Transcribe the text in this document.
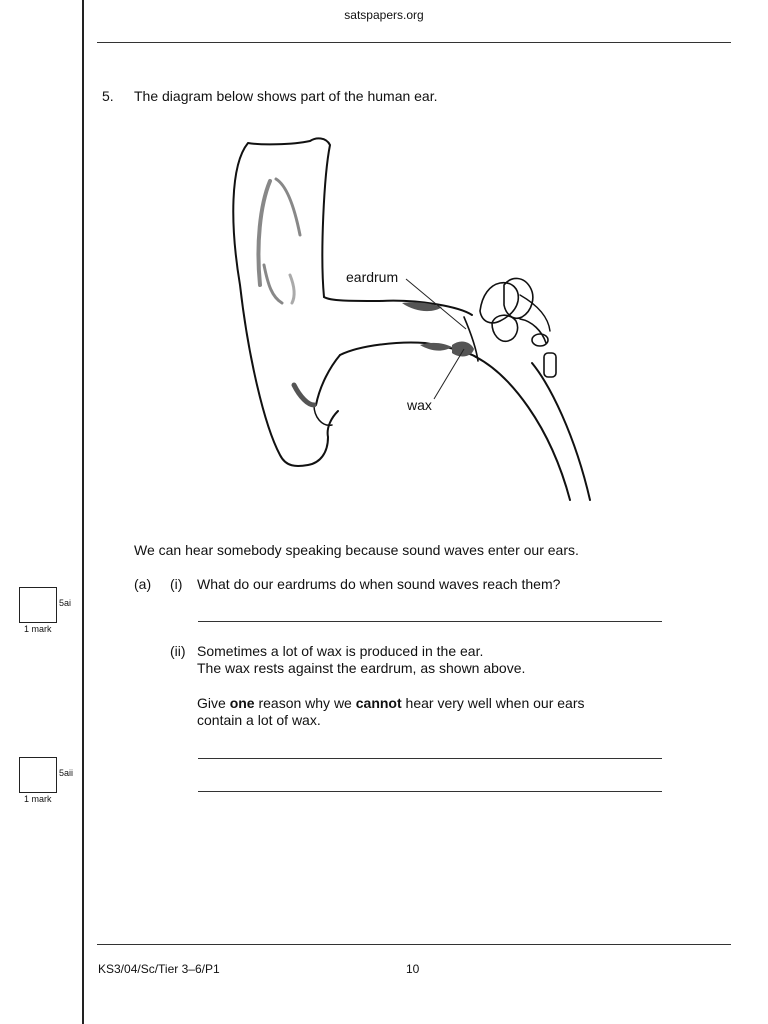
satspapers.org
5. The diagram below shows part of the human ear.
eardrum
wax
We can hear somebody speaking because sound waves enter our ears.
(a) (i) What do our eardrums do when sound waves reach them?
(ii) Sometimes a lot of wax is produced in the ear.
The wax rests against the eardrum, as shown above.
Give one reason why we cannot hear very well when our ears
contain a lot of wax.
5ai
1 mark
5aii
1 mark
KS3/04/Sc/Tier 3–6/P1	10
